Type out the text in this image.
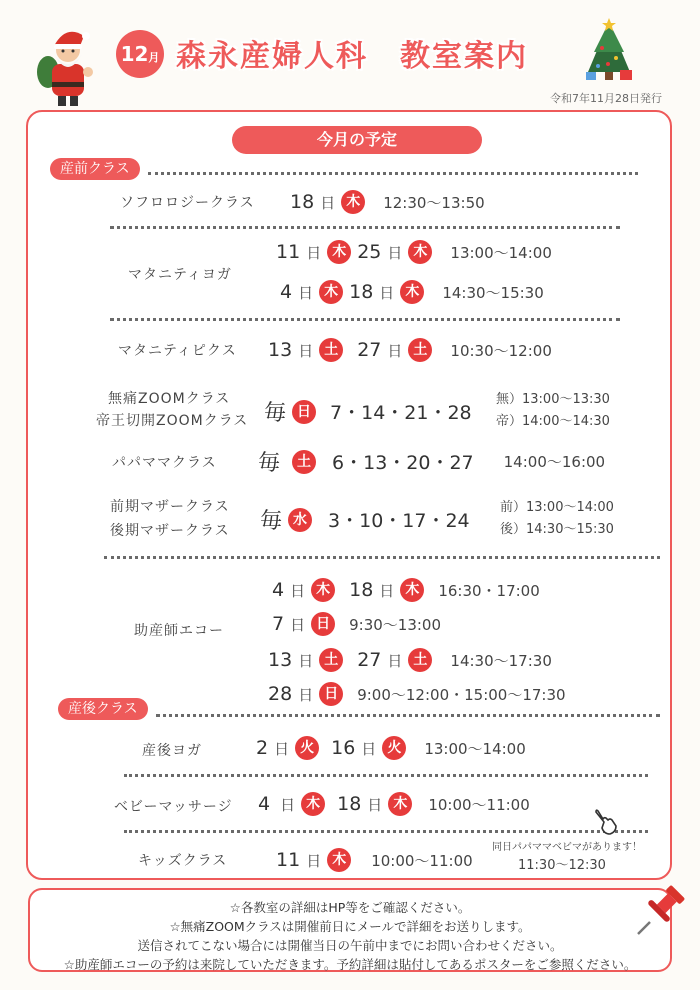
12月 森永産婦人科　教室案内
令和7年11月28日発行
今月の予定
産前クラス
ソフロロジークラス 18 日 木	12:30〜13:50
マタニティヨガ
11 日 木 25 日 木	13:00〜14:00
4 日 木 18 日 木	14:30〜15:30
マタニティピクス 13 日 土 27 日 土	10:30〜12:00
無痛ZOOMクラス
帝王切開ZOOMクラス 毎 日 7・14・21・28
無）13:00〜13:30
帝）14:00〜14:30
パパママクラス 毎	土 6・13・20・27 14:00〜16:00
前期マザークラス
後期マザークラス 毎 水 3・10・17・24
前）13:00〜14:00
後）14:30〜15:30
助産師エコー
4 日 木 18 日 木	16:30・17:00
7 日 日	9:30〜13:00
13 日 土 27 日 土	14:30〜17:30
28 日 日	9:00〜12:00・15:00〜17:30
産後クラス
産後ヨガ	2 日 火 16 日 火	13:00〜14:00
ベビーマッサージ 4 日 木 18 日 木	10:00〜11:00
キッズクラス	11 日 木	10:00〜11:00
同日パパママベビマがあります！
11:30〜12:30
☆各教室の詳細はHP等をご確認ください。
☆無痛ZOOMクラスは開催前日にメールで詳細をお送りします。
送信されてこない場合には開催当日の午前中までにお問い合わせください。
☆助産師エコーの予約は来院していただきます。予約詳細は貼付してあるポスターをご参照ください。
